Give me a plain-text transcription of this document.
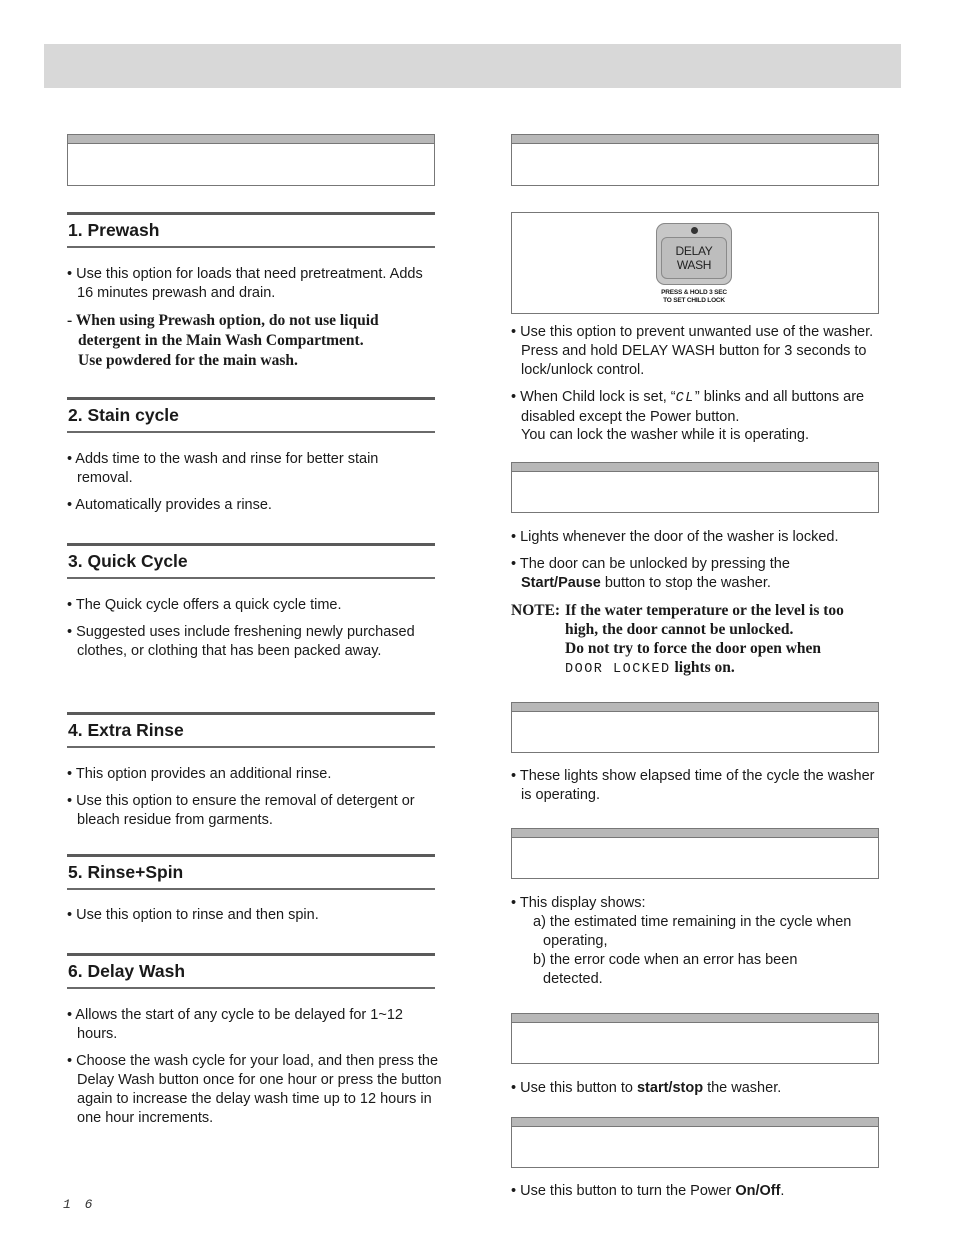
1. Prewash
• Use this option for loads that need pretreatment. Adds 16 minutes prewash and drain.
- When using Prewash option, do not use liquid
detergent in the Main Wash Compartment.
Use powdered for the main wash.
2. Stain cycle
• Adds time to the wash and rinse for better stain removal.
• Automatically provides a rinse.
3. Quick Cycle
• The Quick cycle offers a quick cycle time.
• Suggested uses include freshening newly purchased clothes, or clothing that has been packed away.
4. Extra Rinse
• This option provides an additional rinse.
• Use this option to ensure the removal of detergent or bleach residue from garments.
5. Rinse+Spin
• Use this option to rinse and then spin.
6. Delay Wash
• Allows the start of any cycle to be delayed for 1~12 hours.
• Choose the wash cycle for your load, and then press the Delay Wash button once for one hour or press the button again to increase the delay wash time up to 12 hours in one hour increments.
1 6
DELAY
WASH
PRESS & HOLD 3 SEC
TO SET CHILD LOCK
• Use this option to prevent unwanted use of the washer. Press and hold DELAY WASH button for 3 seconds to lock/unlock control.
• When Child lock is set, “CL” blinks and all buttons are disabled except the Power button.
You can lock the washer while it is operating.
• Lights whenever the door of the washer is locked.
• The door can be unlocked by pressing the
Start/Pause button to stop the washer.
NOTE: If the water temperature or the level is too
high, the door cannot be unlocked.
Do not try to force the door open when
DOOR LOCKED lights on.
• These lights show elapsed time of the cycle the washer is operating.
• This display shows:
a) the estimated time remaining in the cycle when operating,
b) the error code when an error has been detected.
• Use this button to start/stop the washer.
• Use this button to turn the Power On/Off.
